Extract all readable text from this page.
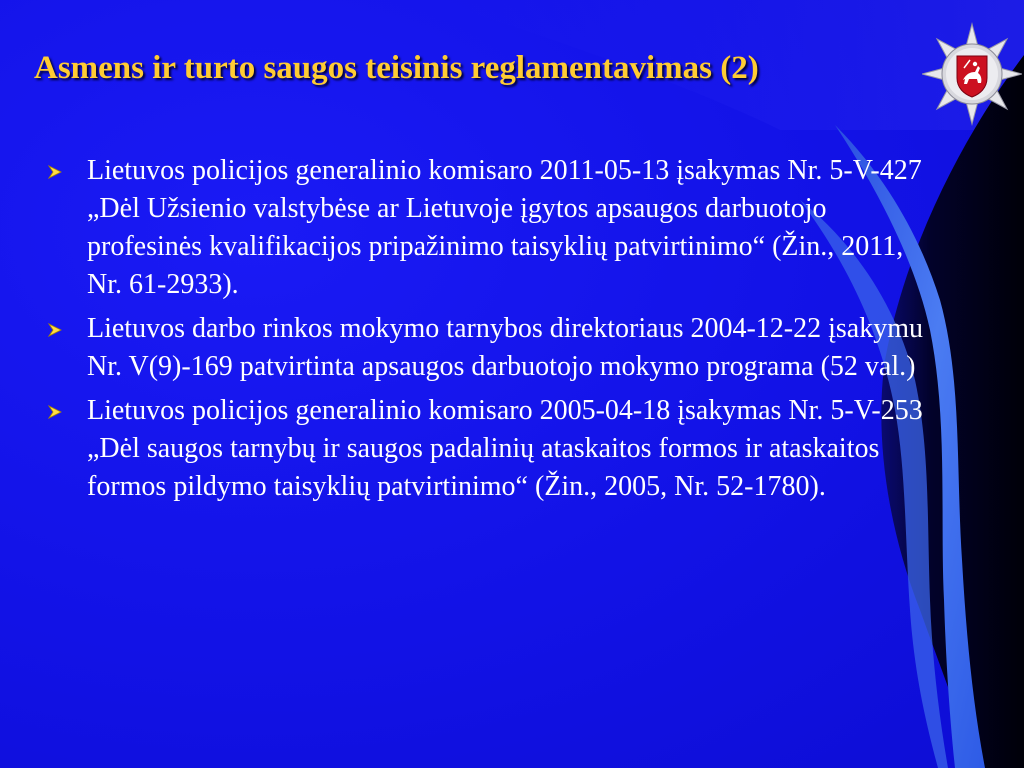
Asmens ir turto saugos teisinis reglamentavimas (2)
Lietuvos policijos generalinio komisaro 2011-05-13 įsakymas Nr. 5-V-427 „Dėl Užsienio valstybėse ar Lietuvoje įgytos apsaugos darbuotojo profesinės kvalifikacijos pripažinimo taisyklių patvirtinimo“ (Žin., 2011, Nr. 61-2933).
Lietuvos darbo rinkos mokymo tarnybos direktoriaus 2004-12-22 įsakymu Nr. V(9)-169 patvirtinta apsaugos darbuotojo mokymo programa (52 val.)
Lietuvos policijos generalinio komisaro 2005-04-18 įsakymas Nr. 5-V-253 „Dėl saugos tarnybų ir saugos padalinių ataskaitos formos ir ataskaitos formos pildymo taisyklių patvirtinimo“ (Žin., 2005, Nr. 52-1780).
